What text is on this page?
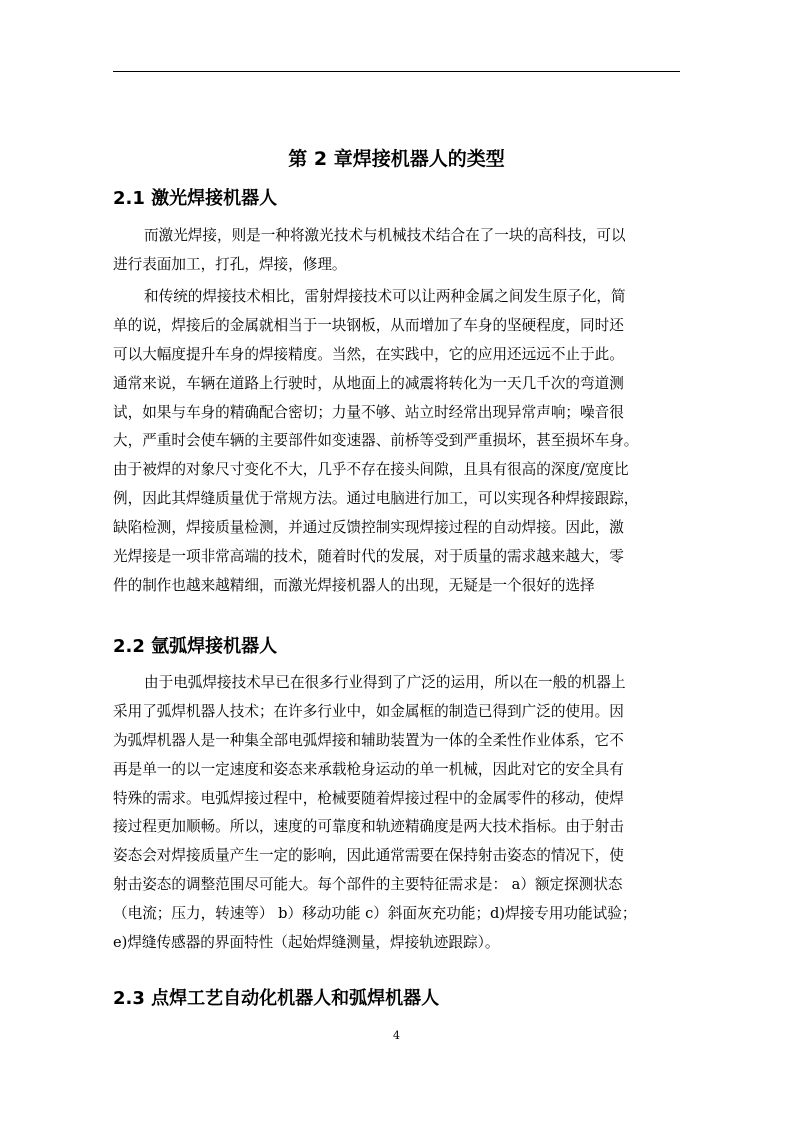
第 2 章焊接机器人的类型
2.1 激光焊接机器人
而激光焊接，则是一种将激光技术与机械技术结合在了一块的高科技，可以
进行表面加工，打孔，焊接，修理。
和传统的焊接技术相比，雷射焊接技术可以让两种金属之间发生原子化，简
单的说，焊接后的金属就相当于一块钢板，从而增加了车身的坚硬程度，同时还
可以大幅度提升车身的焊接精度。当然，在实践中，它的应用还远远不止于此。
通常来说，车辆在道路上行驶时，从地面上的减震将转化为一天几千次的弯道测
试，如果与车身的精确配合密切；力量不够、站立时经常出现异常声响；噪音很
大，严重时会使车辆的主要部件如变速器、前桥等受到严重损坏，甚至损坏车身。
由于被焊的对象尺寸变化不大，几乎不存在接头间隙，且具有很高的深度/宽度比
例，因此其焊缝质量优于常规方法。通过电脑进行加工，可以实现各种焊接跟踪，
缺陷检测，焊接质量检测，并通过反馈控制实现焊接过程的自动焊接。因此，激
光焊接是一项非常高端的技术，随着时代的发展，对于质量的需求越来越大，零
件的制作也越来越精细，而激光焊接机器人的出现，无疑是一个很好的选择
2.2 氩弧焊接机器人
由于电弧焊接技术早已在很多行业得到了广泛的运用，所以在一般的机器上
采用了弧焊机器人技术；在许多行业中，如金属框的制造已得到广泛的使用。因
为弧焊机器人是一种集全部电弧焊接和辅助装置为一体的全柔性作业体系，它不
再是单一的以一定速度和姿态来承载枪身运动的单一机械，因此对它的安全具有
特殊的需求。电弧焊接过程中，枪械要随着焊接过程中的金属零件的移动，使焊
接过程更加顺畅。所以，速度的可靠度和轨迹精确度是两大技术指标。由于射击
姿态会对焊接质量产生一定的影响，因此通常需要在保持射击姿态的情况下，使
射击姿态的调整范围尽可能大。每个部件的主要特征需求是： a）额定探测状态
（电流；压力，转速等） b）移动功能 c）斜面灰充功能；d)焊接专用功能试验；
e)焊缝传感器的界面特性（起始焊缝测量，焊接轨迹跟踪）。
2.3 点焊工艺自动化机器人和弧焊机器人
4
